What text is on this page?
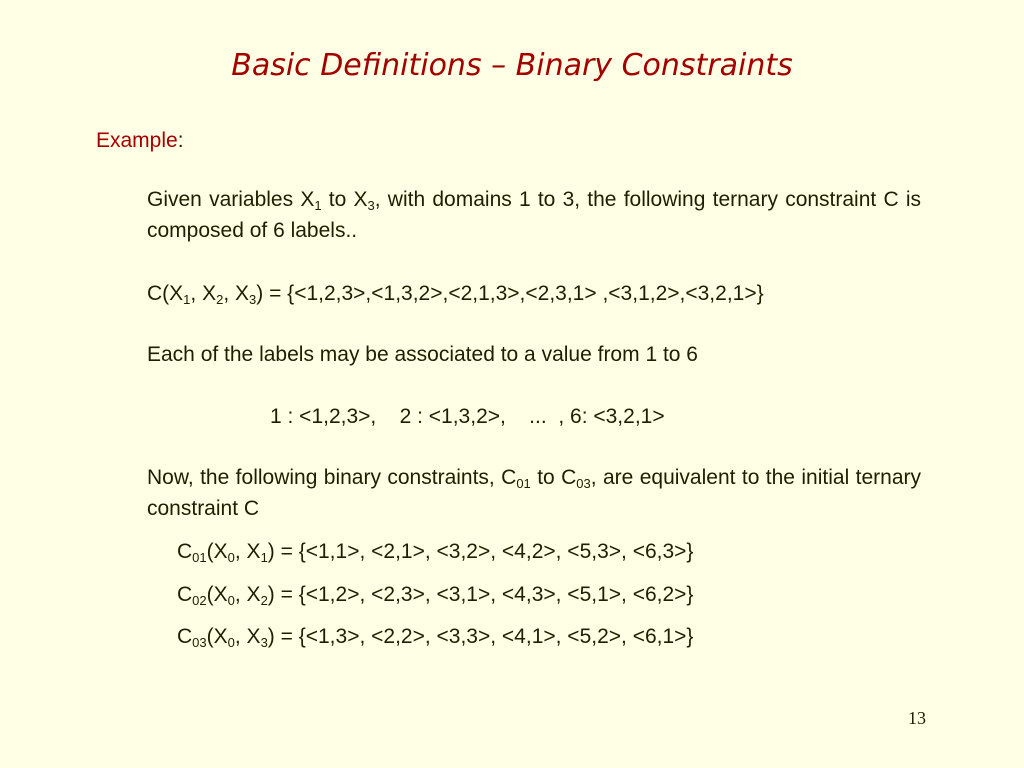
Basic Definitions – Binary Constraints
Example:
Given variables $X_1$ to $X_3$, with domains 1 to 3, the following ternary constraint C is composed of 6 labels..
$C(X_1$, $X_2$, $X_3) = \{<1,2,3>,<1,3,2>,<2,1,3>,<2,3,1> ,<3,1,2>,<3,2,1>\}$
Each of the labels may be associated to a value from 1 to 6
1 : <1,2,3>,    2 : <1,3,2>,    ...  , 6: <3,2,1>
Now, the following binary constraints, $C_{01}$ to $C_{03}$, are equivalent to the initial ternary constraint C
$C_{01}(X_0$, $X_1) = \{<1,1>$, <2,1>, <3,2>, <4,2>, <5,3>, <6,3>}
$C_{02}(X_0$, $X_2) = \{<1,2>$, <2,3>, <3,1>, <4,3>, <5,1>, <6,2>}
$C_{03}(X_0$, $X_3) = \{<1,3>$, <2,2>, <3,3>, <4,1>, <5,2>, <6,1>}
13
